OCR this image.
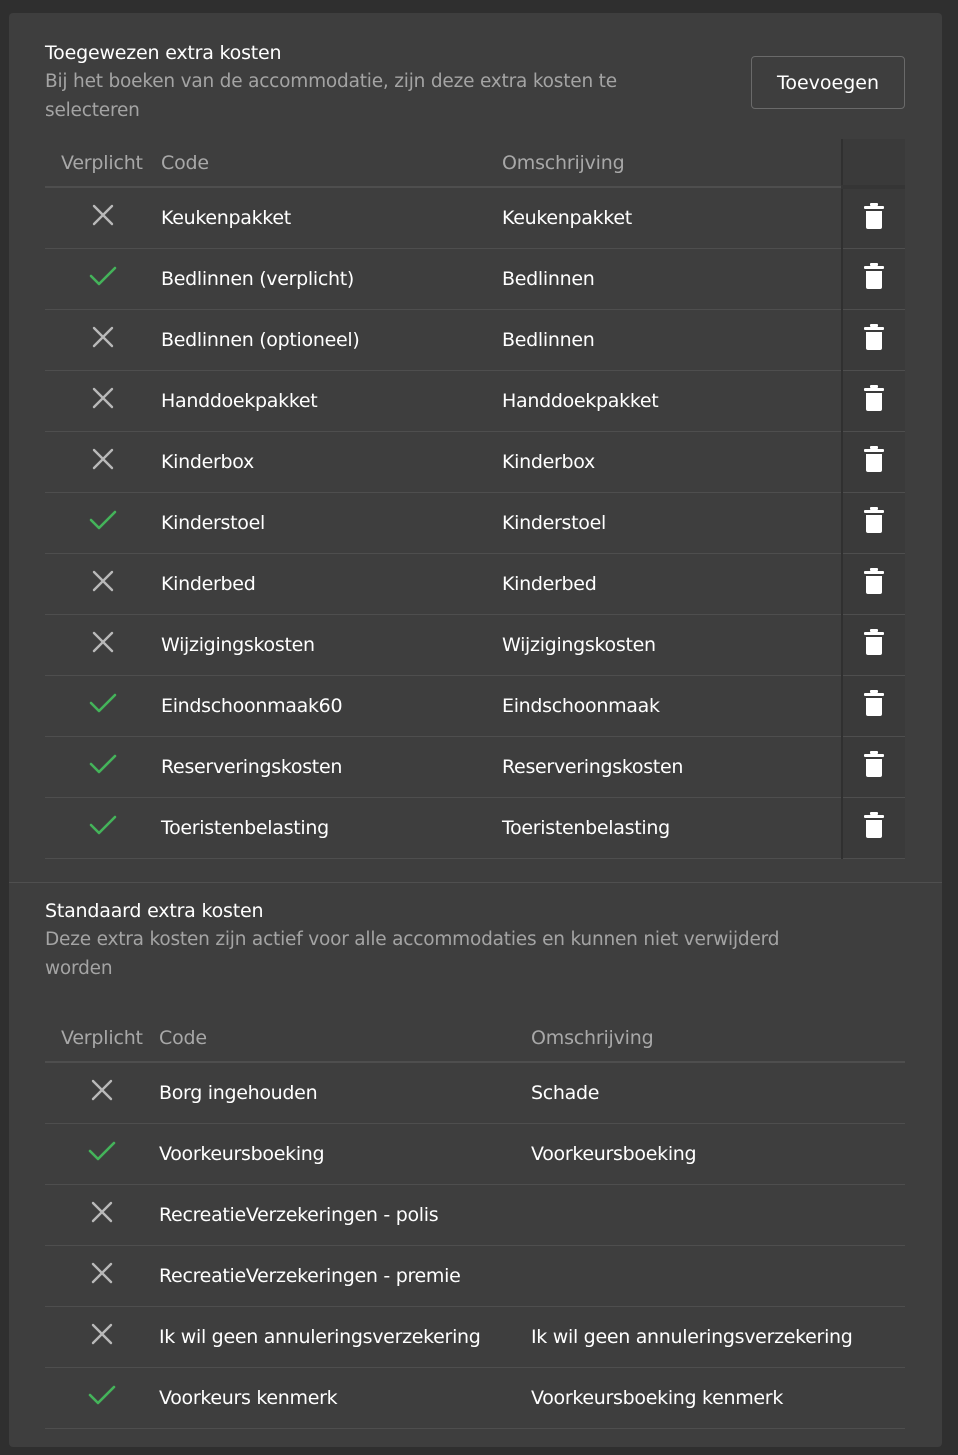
Toegewezen extra kosten
Bij het boeken van de accommodatie, zijn deze extra kosten te selecteren
Toevoegen
Verplicht	Code	Omschrijving	
	Keukenpakket	Keukenpakket	

	Bedlinnen (verplicht)	Bedlinnen	

	Bedlinnen (optioneel)	Bedlinnen	

	Handdoekpakket	Handdoekpakket	

	Kinderbox	Kinderbox	

	Kinderstoel	Kinderstoel	

	Kinderbed	Kinderbed	

	Wijzigingskosten	Wijzigingskosten	

	Eindschoonmaak60	Eindschoonmaak	

	Reserveringskosten	Reserveringskosten	

	Toeristenbelasting	Toeristenbelasting	
Standaard extra kosten
Deze extra kosten zijn actief voor alle accommodaties en kunnen niet verwijderd worden
Verplicht	Code	Omschrijving
	Borg ingehouden	Schade
	Voorkeursboeking	Voorkeursboeking
	RecreatieVerzekeringen - polis	
	RecreatieVerzekeringen - premie	
	Ik wil geen annuleringsverzekering	Ik wil geen annuleringsverzekering
	Voorkeurs kenmerk	Voorkeursboeking kenmerk
